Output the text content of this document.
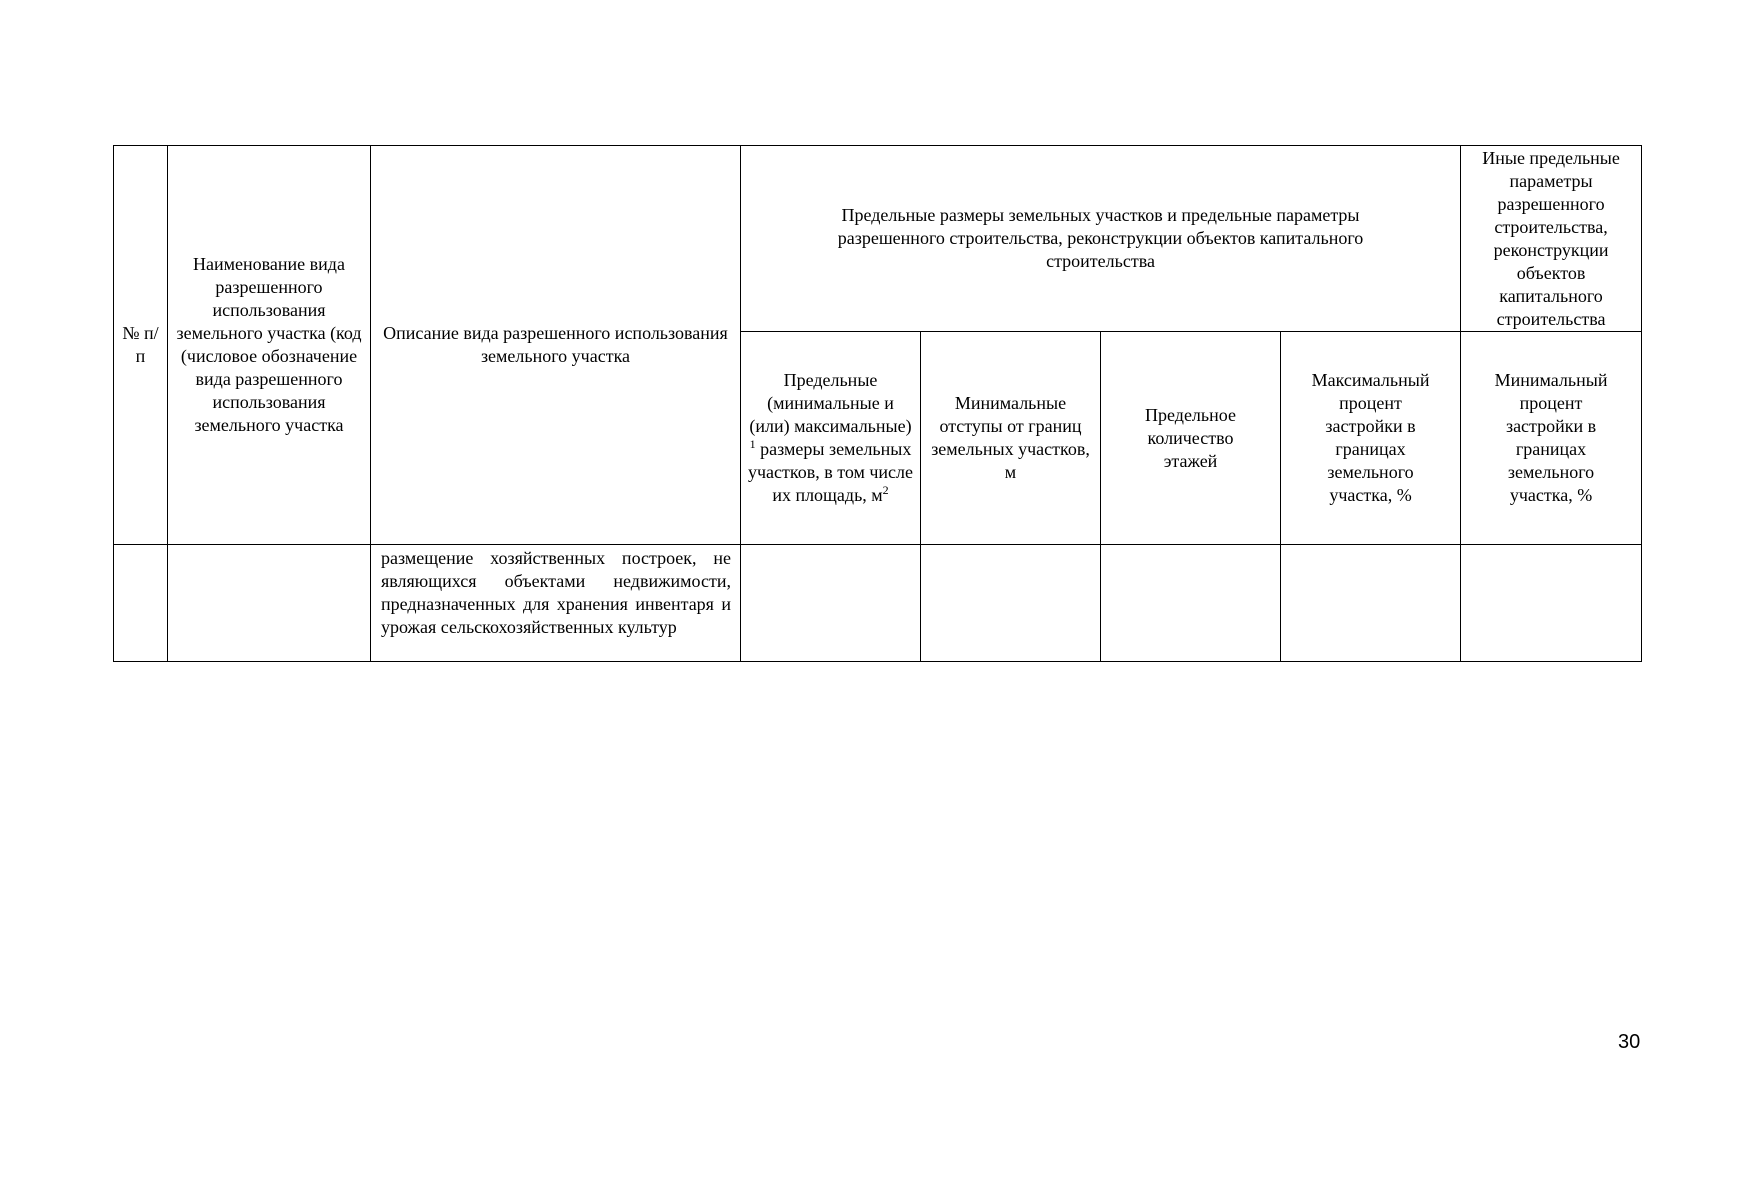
№ п/п	Наименование вида разрешенного использования земельного участка (код (числовое обозначение вида разрешенного использования земельного участка	Описание вида разрешенного использования земельного участка	Предельные размеры земельных участков и предельные параметры разрешенного строительства, реконструкции объектов капитального строительства				Иные предельные параметры разрешенного строительства, реконструкции объектов капитального строительства
			Предельные (минимальные и (или) максимальные) $^1$ размеры земельных участков, в том числе их площадь, $м^2$	Минимальные отступы от границ земельных участков, м	Предельное количество этажей	Максимальный процент застройки в границах земельного участка, %	Минимальный процент застройки в границах земельного участка, %
		размещение хозяйственных построек, не являющихся объектами недвижимости, предназначенных для хранения инвентаря и урожая сельскохозяйственных культур					
30
